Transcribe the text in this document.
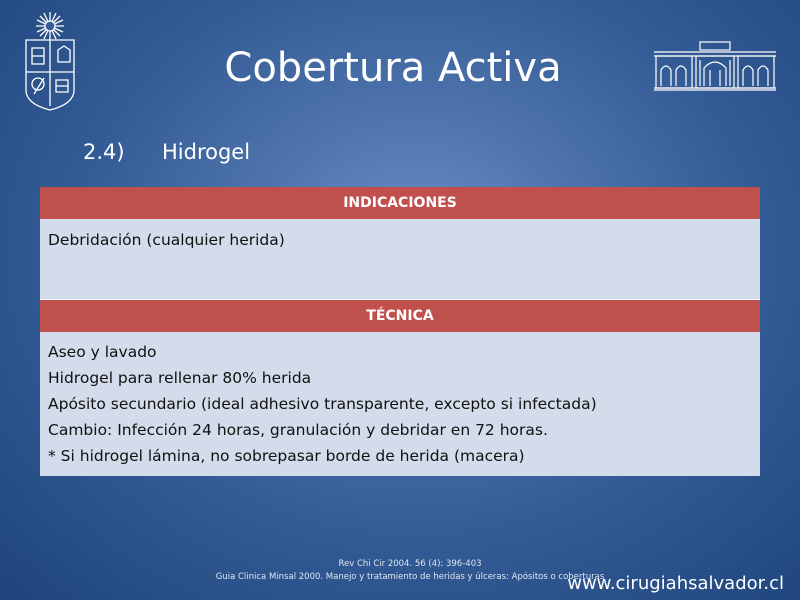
Cobertura Activa
2.4) Hidrogel
INDICACIONES
Debridación (cualquier herida)
TÉCNICA
Aseo y lavado
Hidrogel para rellenar 80% herida
Apósito secundario (ideal adhesivo transparente, excepto si infectada)
Cambio: Infección 24 horas, granulación y debridar en 72 horas.
* Si hidrogel lámina, no sobrepasar borde de herida (macera)
Rev Chi Cir 2004. 56 (4): 396-403
Guia Clinica Minsal 2000. Manejo y tratamiento de heridas y úlceras: Apósitos o coberturas
www.cirugiahsalvador.cl
